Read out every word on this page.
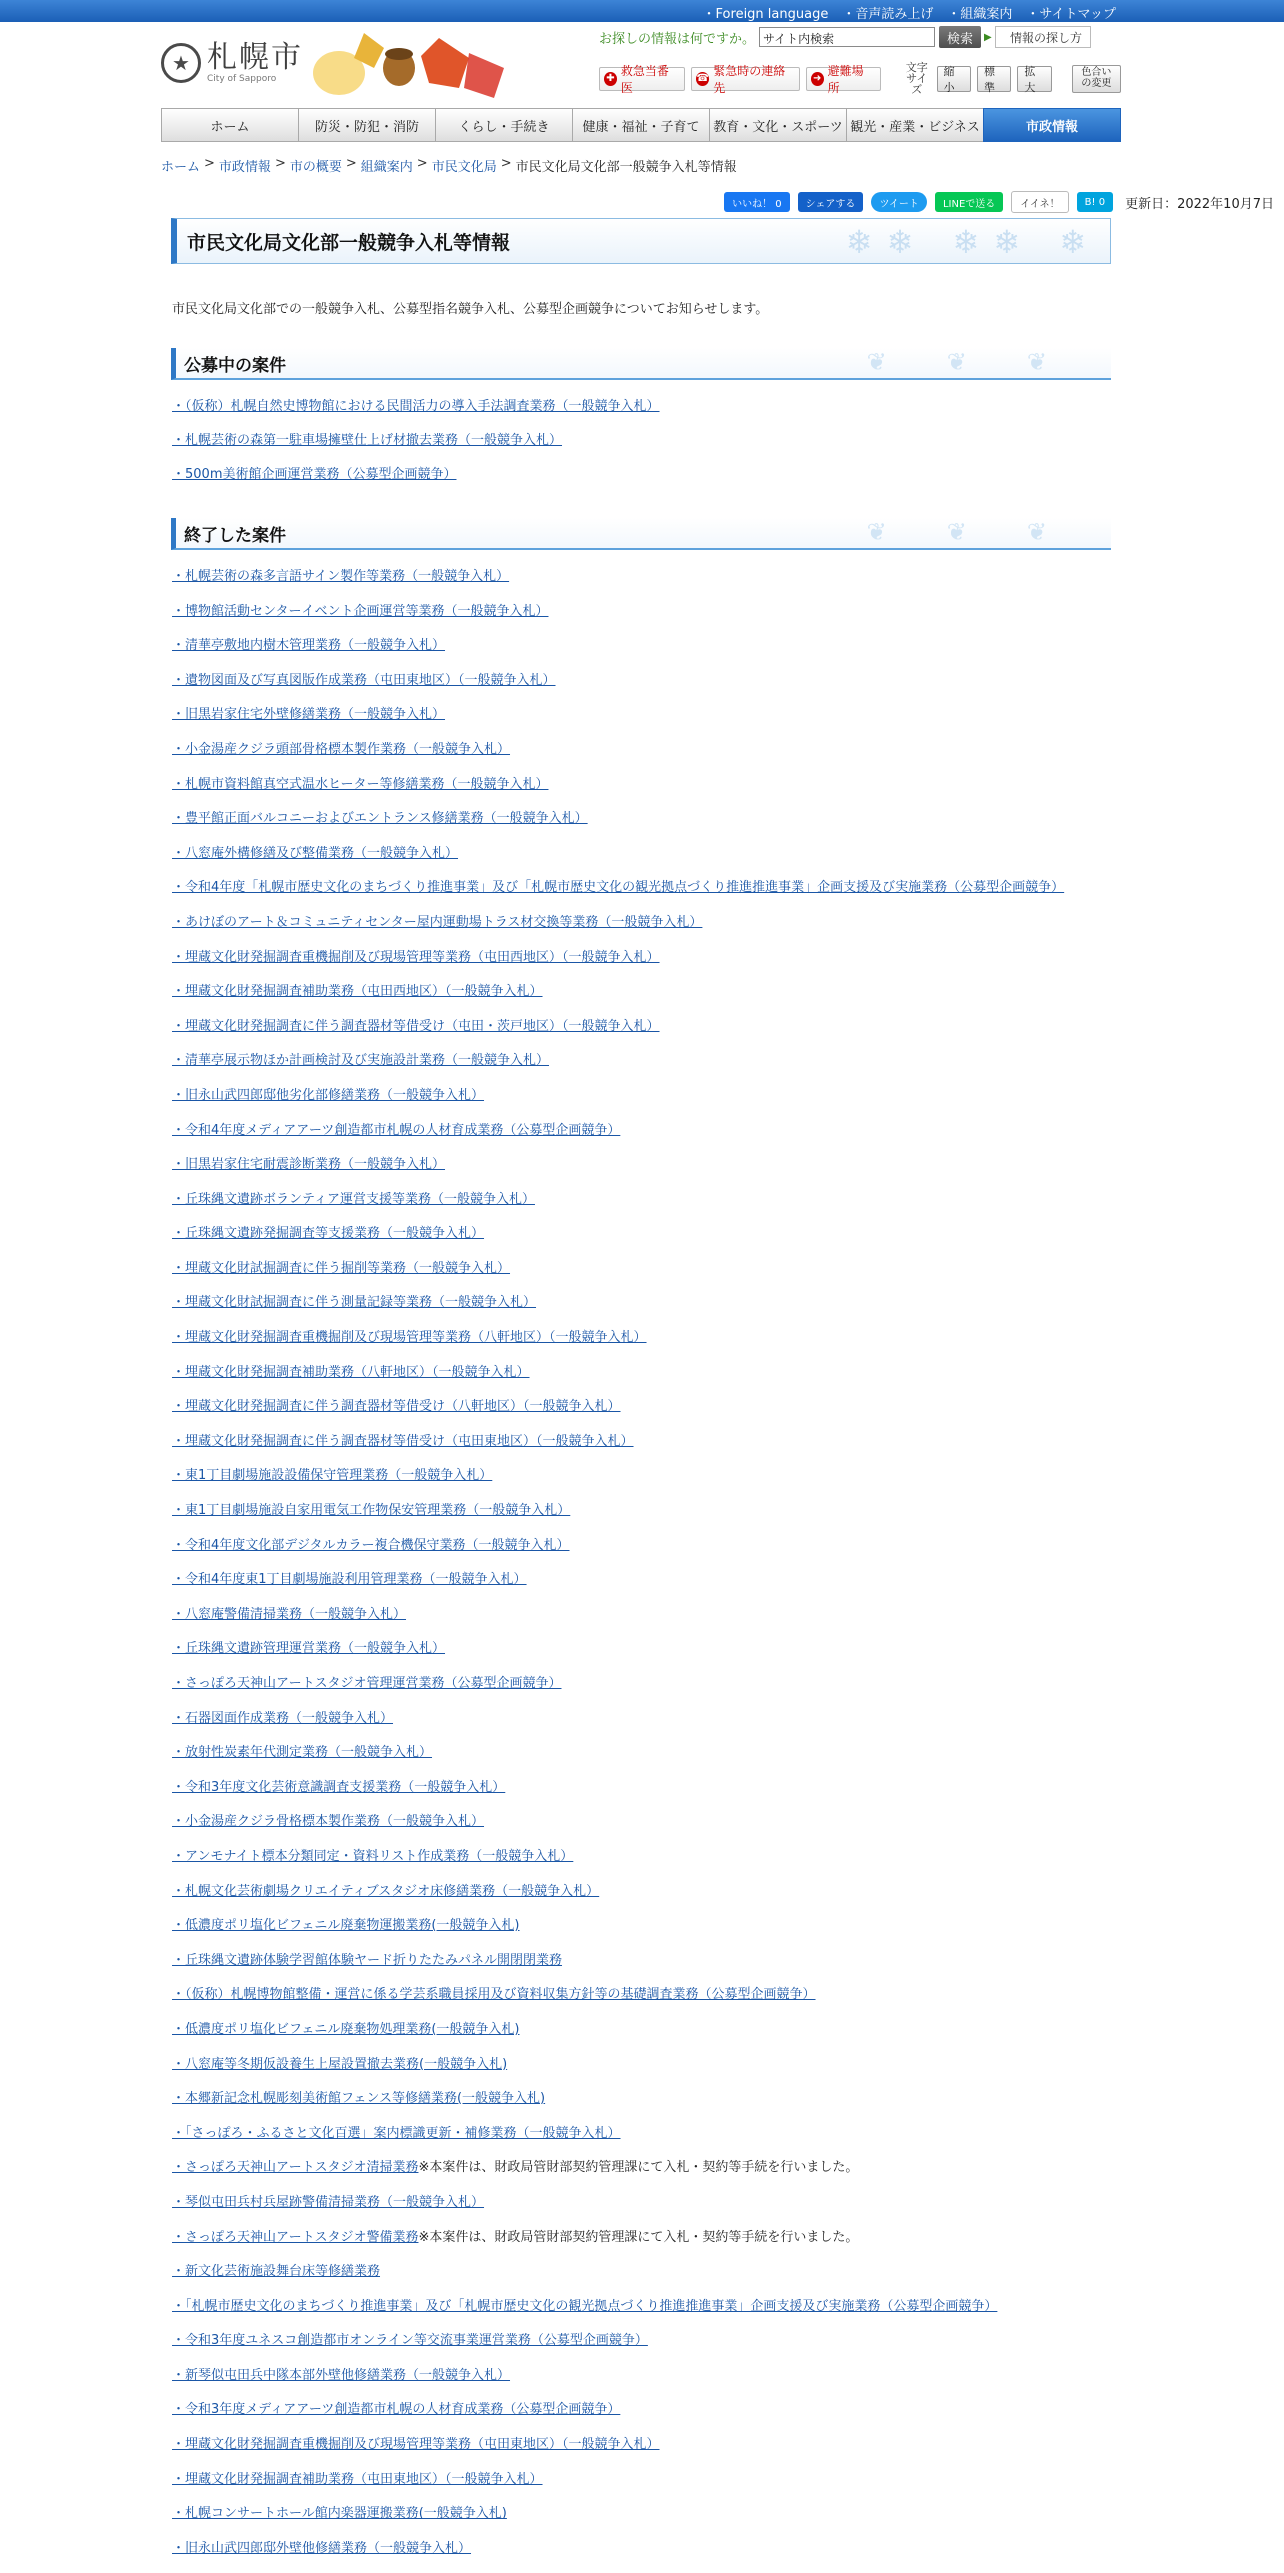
・ Foreign language	・ 音声読み上げ	・ 組織案内	・ サイトマップ
★ 札幌市
City of Sapporo
お探しの情報は何ですか。 サイト内検索	検索	▶ 情報の探し方
✚
救急当番医
☎
緊急時の連絡先
➜
避難場所
文字サイズ
縮小
標準
拡大
色合いの変更
ホーム	防災・防犯・消防	くらし・手続き	健康・福祉・子育て	教育・文化・スポーツ 観光・産業・ビジネス	市政情報
ホーム > 市政情報 > 市の概要 > 組織案内 > 市民文化局 > 市民文化局文化部一般競争入札等情報
いいね！ 0	シェアする	ツイート	LINEで送る	イイネ！	B! 0	更新日：2022年10月7日
市民文化局文化部一般競争入札等情報	❄❄ ❄❄ ❄
市民文化局文化部での一般競争入札、公募型指名競争入札、公募型企画競争についてお知らせします。
公募中の案件	❦❦❦
・（仮称）札幌自然史博物館における民間活力の導入手法調査業務（一般競争入札）
・札幌芸術の森第一駐車場擁壁仕上げ材撤去業務（一般競争入札）
・500m美術館企画運営業務（公募型企画競争）
終了した案件	❦❦❦
・札幌芸術の森多言語サイン製作等業務（一般競争入札）
・博物館活動センターイベント企画運営等業務（一般競争入札）
・清華亭敷地内樹木管理業務（一般競争入札）
・遺物図面及び写真図版作成業務（屯田東地区）（一般競争入札）
・旧黒岩家住宅外壁修繕業務（一般競争入札）
・小金湯産クジラ頭部骨格標本製作業務（一般競争入札）
・札幌市資料館真空式温水ヒーター等修繕業務（一般競争入札）
・豊平館正面バルコニーおよびエントランス修繕業務（一般競争入札）
・八窓庵外構修繕及び整備業務（一般競争入札）
・令和4年度「札幌市歴史文化のまちづくり推進事業」及び「札幌市歴史文化の観光拠点づくり推進推進事業」企画支援及び実施業務（公募型企画競争）
・あけぼのアート＆コミュニティセンター屋内運動場トラス材交換等業務（一般競争入札）
・埋蔵文化財発掘調査重機掘削及び現場管理等業務（屯田西地区）（一般競争入札）
・埋蔵文化財発掘調査補助業務（屯田西地区）（一般競争入札）
・埋蔵文化財発掘調査に伴う調査器材等借受け（屯田・茨戸地区）（一般競争入札）
・清華亭展示物ほか計画検討及び実施設計業務（一般競争入札）
・旧永山武四郎邸他劣化部修繕業務（一般競争入札）
・令和4年度メディアアーツ創造都市札幌の人材育成業務（公募型企画競争）
・旧黒岩家住宅耐震診断業務（一般競争入札）
・丘珠縄文遺跡ボランティア運営支援等業務（一般競争入札）
・丘珠縄文遺跡発掘調査等支援業務（一般競争入札）
・埋蔵文化財試掘調査に伴う掘削等業務（一般競争入札）
・埋蔵文化財試掘調査に伴う測量記録等業務（一般競争入札）
・埋蔵文化財発掘調査重機掘削及び現場管理等業務（八軒地区）（一般競争入札）
・埋蔵文化財発掘調査補助業務（八軒地区）（一般競争入札）
・埋蔵文化財発掘調査に伴う調査器材等借受け（八軒地区）（一般競争入札）
・埋蔵文化財発掘調査に伴う調査器材等借受け（屯田東地区）（一般競争入札）
・東1丁目劇場施設設備保守管理業務（一般競争入札）
・東1丁目劇場施設自家用電気工作物保安管理業務（一般競争入札）
・令和4年度文化部デジタルカラー複合機保守業務（一般競争入札）
・令和4年度東1丁目劇場施設利用管理業務（一般競争入札）
・八窓庵警備清掃業務（一般競争入札）
・丘珠縄文遺跡管理運営業務（一般競争入札）
・さっぽろ天神山アートスタジオ管理運営業務（公募型企画競争）
・石器図面作成業務（一般競争入札）
・放射性炭素年代測定業務（一般競争入札）
・令和3年度文化芸術意識調査支援業務（一般競争入札）
・小金湯産クジラ骨格標本製作業務（一般競争入札）
・アンモナイト標本分類同定・資料リスト作成業務（一般競争入札）
・札幌文化芸術劇場クリエイティブスタジオ床修繕業務（一般競争入札）
・低濃度ポリ塩化ビフェニル廃棄物運搬業務(一般競争入札)
・丘珠縄文遺跡体験学習館体験ヤード折りたたみパネル開閉閉業務
・（仮称）札幌博物館整備・運営に係る学芸系職員採用及び資料収集方針等の基礎調査業務（公募型企画競争）
・低濃度ポリ塩化ビフェニル廃棄物処理業務(一般競争入札)
・八窓庵等冬期仮設養生上屋設置撤去業務(一般競争入札)
・本郷新記念札幌彫刻美術館フェンス等修繕業務(一般競争入札)
・「さっぽろ・ふるさと文化百選」案内標識更新・補修業務（一般競争入札）
・さっぽろ天神山アートスタジオ清掃業務※本案件は、財政局管財部契約管理課にて入札・契約等手続を行いました。
・琴似屯田兵村兵屋跡警備清掃業務（一般競争入札）
・さっぽろ天神山アートスタジオ警備業務※本案件は、財政局管財部契約管理課にて入札・契約等手続を行いました。
・新文化芸術施設舞台床等修繕業務
・「札幌市歴史文化のまちづくり推進事業」及び「札幌市歴史文化の観光拠点づくり推進推進事業」企画支援及び実施業務（公募型企画競争）
・令和3年度ユネスコ創造都市オンライン等交流事業運営業務（公募型企画競争）
・新琴似屯田兵中隊本部外壁他修繕業務（一般競争入札）
・令和3年度メディアアーツ創造都市札幌の人材育成業務（公募型企画競争）
・埋蔵文化財発掘調査重機掘削及び現場管理等業務（屯田東地区）（一般競争入札）
・埋蔵文化財発掘調査補助業務（屯田東地区）（一般競争入札）
・札幌コンサートホール館内楽器運搬業務(一般競争入札)
・旧永山武四郎邸外壁他修繕業務（一般競争入札）
